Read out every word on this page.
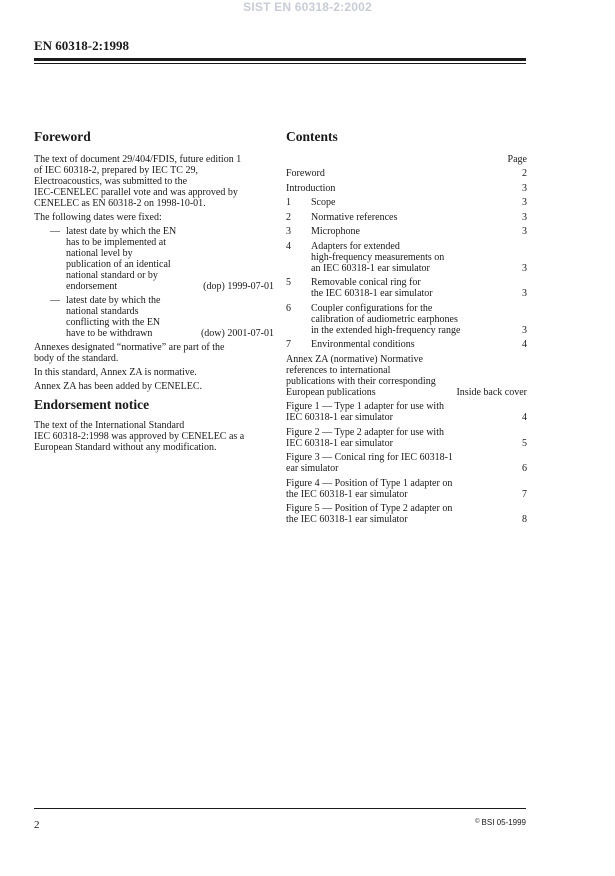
SIST EN 60318-2:2002
EN 60318-2:1998
Foreword

The text of document 29/404/FDIS, future edition 1
of IEC 60318-2, prepared by IEC TC 29,
Electroacoustics, was submitted to the
IEC-CENELEC parallel vote and was approved by
CENELEC as EN 60318-2 on 1998-10-01.

The following dates were fixed:

— latest date by which the EN
has to be implemented at
national level by
publication of an identical
national standard or by
endorsement	(dop) 1999-07-01
— latest date by which the
national standards
conflicting with the EN
have to be withdrawn	(dow) 2001-07-01

Annexes designated “normative” are part of the
body of the standard.

In this standard, Annex ZA is normative.

Annex ZA has been added by CENELEC.

Endorsement notice

The text of the International Standard
IEC 60318-2:1998 was approved by CENELEC as a
European Standard without any modification.

Contents
Page
Foreword	2
Introduction	3
1	Scope	3
2	Normative references	3
3	Microphone	3
4	Adapters for extended
high-frequency measurements on
an IEC 60318-1 ear simulator	3
5	Removable conical ring for
the IEC 60318-1 ear simulator	3
6	Coupler configurations for the
calibration of audiometric earphones
in the extended high-frequency range	3
7	Environmental conditions	4
Annex ZA (normative) Normative
references to international
publications with their corresponding
European publications	Inside back cover
Figure 1 — Type 1 adapter for use with
IEC 60318-1 ear simulator	4
Figure 2 — Type 2 adapter for use with
IEC 60318-1 ear simulator	5
Figure 3 — Conical ring for IEC 60318-1
ear simulator	6
Figure 4 — Position of Type 1 adapter on
the IEC 60318-1 ear simulator	7
Figure 5 — Position of Type 2 adapter on
the IEC 60318-1 ear simulator	8
2	© BSI 05-1999
